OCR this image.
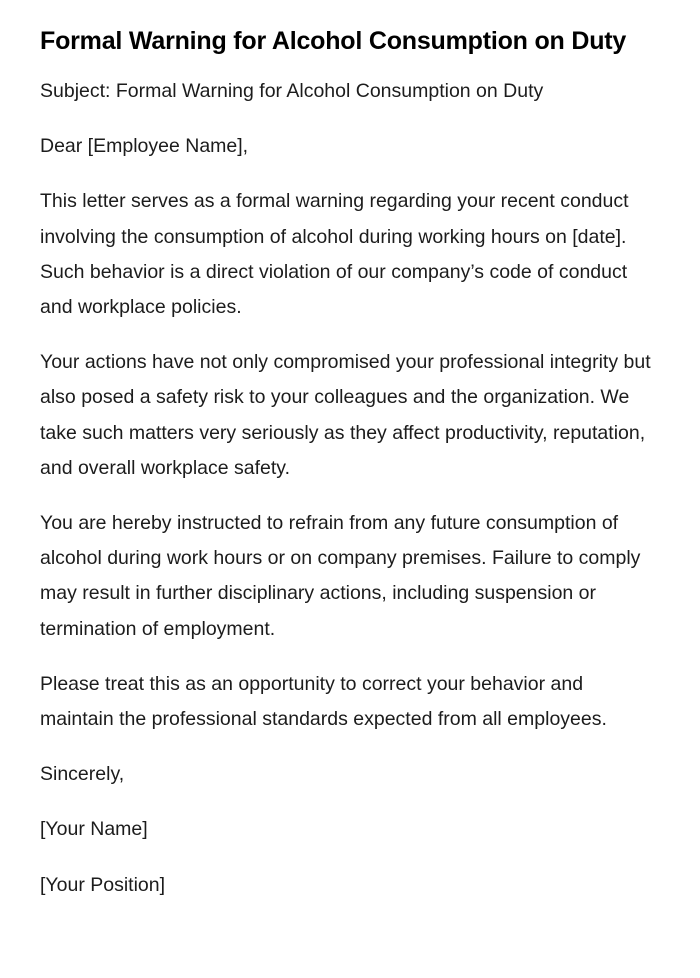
Formal Warning for Alcohol Consumption on Duty

Subject: Formal Warning for Alcohol Consumption on Duty

Dear [Employee Name],

This letter serves as a formal warning regarding your recent conduct involving the consumption of alcohol during working hours on [date]. Such behavior is a direct violation of our company’s code of conduct and workplace policies.

Your actions have not only compromised your professional integrity but also posed a safety risk to your colleagues and the organization. We take such matters very seriously as they affect productivity, reputation, and overall workplace safety.

You are hereby instructed to refrain from any future consumption of alcohol during work hours or on company premises. Failure to comply may result in further disciplinary actions, including suspension or termination of employment.

Please treat this as an opportunity to correct your behavior and maintain the professional standards expected from all employees.

Sincerely,

[Your Name]

[Your Position]
